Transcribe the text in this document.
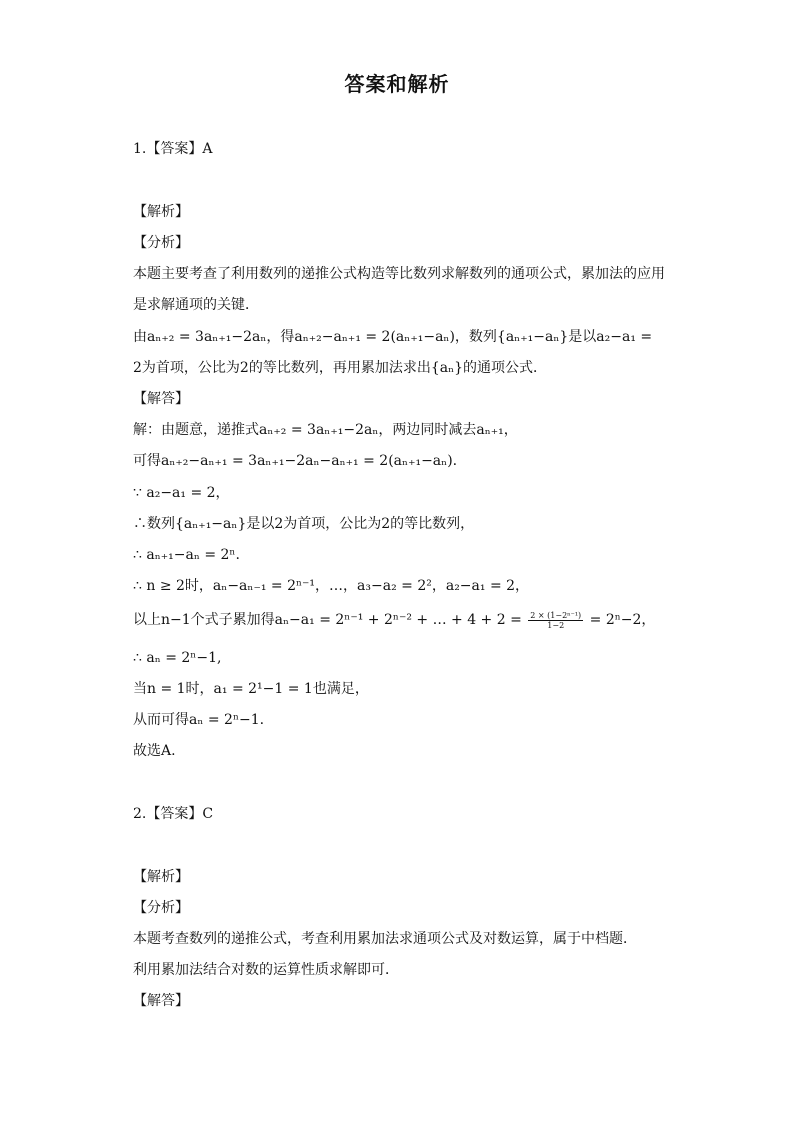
答案和解析
1.【答案】A
【解析】
【分析】
本题主要考查了利用数列的递推公式构造等比数列求解数列的通项公式，累加法的应用
是求解通项的关键．
由aₙ₊₂ = 3aₙ₊₁−2aₙ，得aₙ₊₂−aₙ₊₁ = 2(aₙ₊₁−aₙ)，数列{aₙ₊₁−aₙ}是以a₂−a₁ =
2为首项，公比为2的等比数列，再用累加法求出{aₙ}的通项公式．
【解答】
解：由题意，递推式aₙ₊₂ = 3aₙ₊₁−2aₙ，两边同时减去aₙ₊₁，
可得aₙ₊₂−aₙ₊₁ = 3aₙ₊₁−2aₙ−aₙ₊₁ = 2(aₙ₊₁−aₙ).
∵ a₂−a₁ = 2，
∴数列{aₙ₊₁−aₙ}是以2为首项，公比为2的等比数列，
∴ aₙ₊₁−aₙ = 2ⁿ.
∴ n ≥ 2时，aₙ−aₙ₋₁ = 2ⁿ⁻¹，…，a₃−a₂ = 2²，a₂−a₁ = 2，
以上n−1个式子累加得aₙ−a₁ = 2ⁿ⁻¹ + 2ⁿ⁻² + … + $4 + 2 = \frac{\text{2 × (1−2ⁿ⁻¹)}}{1-2} = 2^n-2$，
∴ aₙ = 2ⁿ−1,
当n = 1时，a₁ = 2¹−1 = 1也满足，
从而可得aₙ = 2ⁿ−1.
故选A.
2.【答案】C
【解析】
【分析】
本题考查数列的递推公式，考查利用累加法求通项公式及对数运算，属于中档题．
利用累加法结合对数的运算性质求解即可．
【解答】
